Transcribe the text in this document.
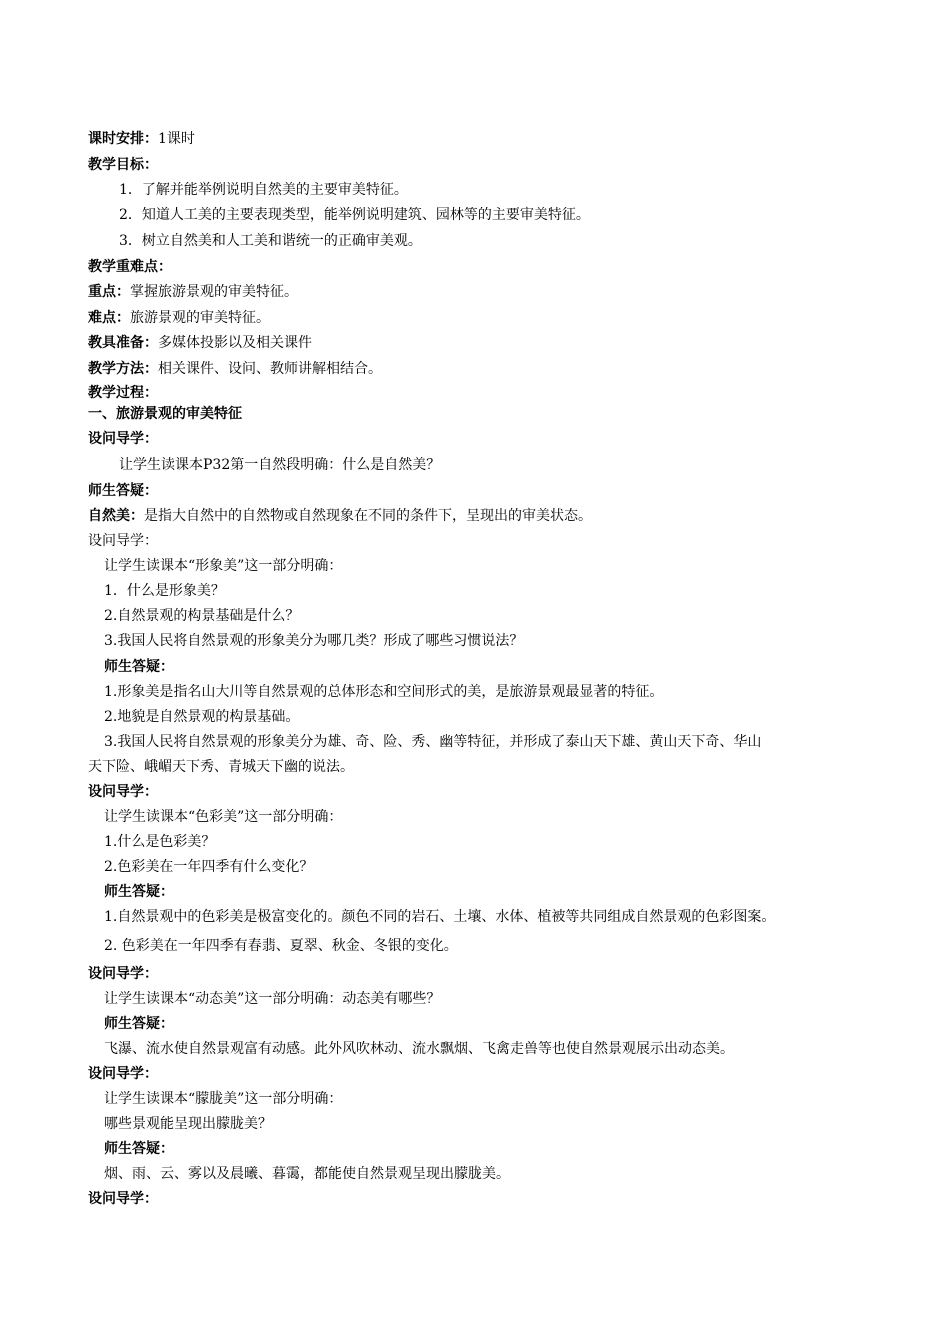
课时安排：1课时
教学目标：
1．了解并能举例说明自然美的主要审美特征。
2．知道人工美的主要表现类型，能举例说明建筑、园林等的主要审美特征。
3．树立自然美和人工美和谐统一的正确审美观。
教学重难点：
重点：掌握旅游景观的审美特征。
难点：旅游景观的审美特征。
教具准备：多媒体投影以及相关课件
教学方法：相关课件、设问、教师讲解相结合。
教学过程：
一、旅游景观的审美特征
设问导学：
让学生读课本P32第一自然段明确：什么是自然美？
师生答疑：
自然美：是指大自然中的自然物或自然现象在不同的条件下，呈现出的审美状态。
设问导学：
让学生读课本“形象美”这一部分明确：
1．什么是形象美？
2.自然景观的构景基础是什么？
3.我国人民将自然景观的形象美分为哪几类？形成了哪些习惯说法？
师生答疑：
1.形象美是指名山大川等自然景观的总体形态和空间形式的美，是旅游景观最显著的特征。
2.地貌是自然景观的构景基础。
3.我国人民将自然景观的形象美分为雄、奇、险、秀、幽等特征，并形成了泰山天下雄、黄山天下奇、华山
天下险、峨嵋天下秀、青城天下幽的说法。
设问导学：
让学生读课本“色彩美”这一部分明确：
1.什么是色彩美？
2.色彩美在一年四季有什么变化？
师生答疑：
1.自然景观中的色彩美是极富变化的。颜色不同的岩石、土壤、水体、植被等共同组成自然景观的色彩图案。
2. 色彩美在一年四季有春翡、夏翠、秋金、冬银的变化。
设问导学：
让学生读课本“动态美”这一部分明确：动态美有哪些？
师生答疑：
飞瀑、流水使自然景观富有动感。此外风吹林动、流水飘烟、飞禽走兽等也使自然景观展示出动态美。
设问导学：
让学生读课本“朦胧美”这一部分明确：
哪些景观能呈现出朦胧美？
师生答疑：
烟、雨、云、雾以及晨曦、暮霭，都能使自然景观呈现出朦胧美。
设问导学：
